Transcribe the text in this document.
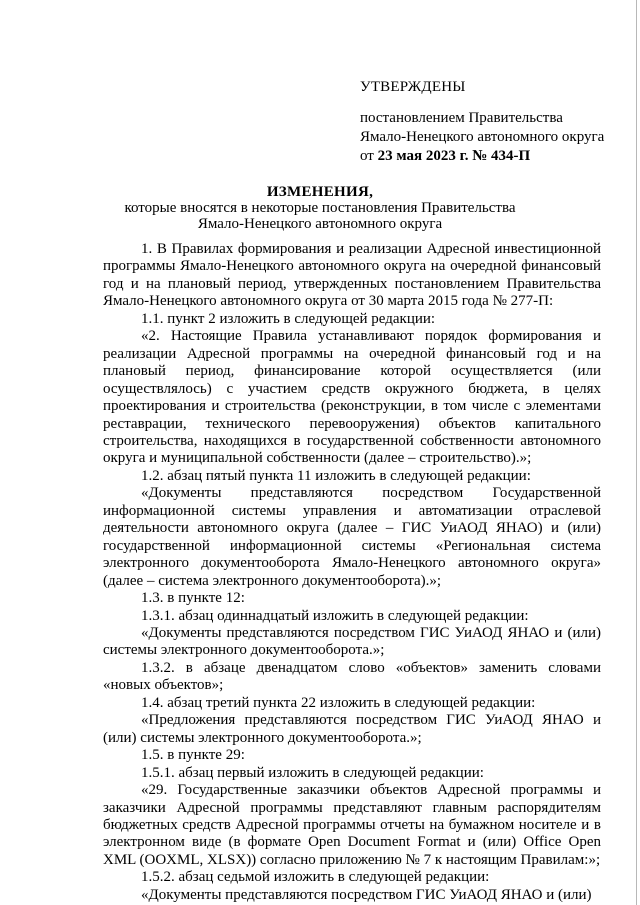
УТВЕРЖДЕНЫ
постановлением Правительства
Ямало-Ненецкого автономного округа
от 23 мая 2023 г. № 434-П
ИЗМЕНЕНИЯ,
которые вносятся в некоторые постановления Правительства
Ямало-Ненецкого автономного округа

1. В Правилах формирования и реализации Адресной инвестиционной программы Ямало-Ненецкого автономного округа на очередной финансовый год и на плановый период, утвержденных постановлением Правительства Ямало-Ненецкого автономного округа от 30 марта 2015 года № 277-П:

1.1. пункт 2 изложить в следующей редакции:

«2. Настоящие Правила устанавливают порядок формирования и реализации Адресной программы на очередной финансовый год и на плановый период, финансирование которой осуществляется (или осуществлялось) с участием средств окружного бюджета, в целях проектирования и строительства (реконструкции, в том числе с элементами реставрации, технического перевооружения) объектов капитального строительства, находящихся в государственной собственности автономного округа и муниципальной собственности (далее – строительство).»;

1.2. абзац пятый пункта 11 изложить в следующей редакции:

«Документы представляются посредством Государственной информационной системы управления и автоматизации отраслевой деятельности автономного округа (далее – ГИС УиАОД ЯНАО) и (или) государственной информационной системы «Региональная система электронного документооборота Ямало-Ненецкого автономного округа» (далее – система электронного документооборота).»;

1.3. в пункте 12:

1.3.1. абзац одиннадцатый изложить в следующей редакции:

«Документы представляются посредством ГИС УиАОД ЯНАО и (или) системы электронного документооборота.»;

1.3.2. в абзаце двенадцатом слово «объектов» заменить словами «новых объектов»;

1.4. абзац третий пункта 22 изложить в следующей редакции:

«Предложения представляются посредством ГИС УиАОД ЯНАО и (или) системы электронного документооборота.»;

1.5. в пункте 29:

1.5.1. абзац первый изложить в следующей редакции:

«29. Государственные заказчики объектов Адресной программы и заказчики Адресной программы представляют главным распорядителям бюджетных средств Адресной программы отчеты на бумажном носителе и в электронном виде (в формате Open Document Format и (или) Office Open XML (OOXML, XLSX)) согласно приложению № 7 к настоящим Правилам:»;

1.5.2. абзац седьмой изложить в следующей редакции:

«Документы представляются посредством ГИС УиАОД ЯНАО и (или)
